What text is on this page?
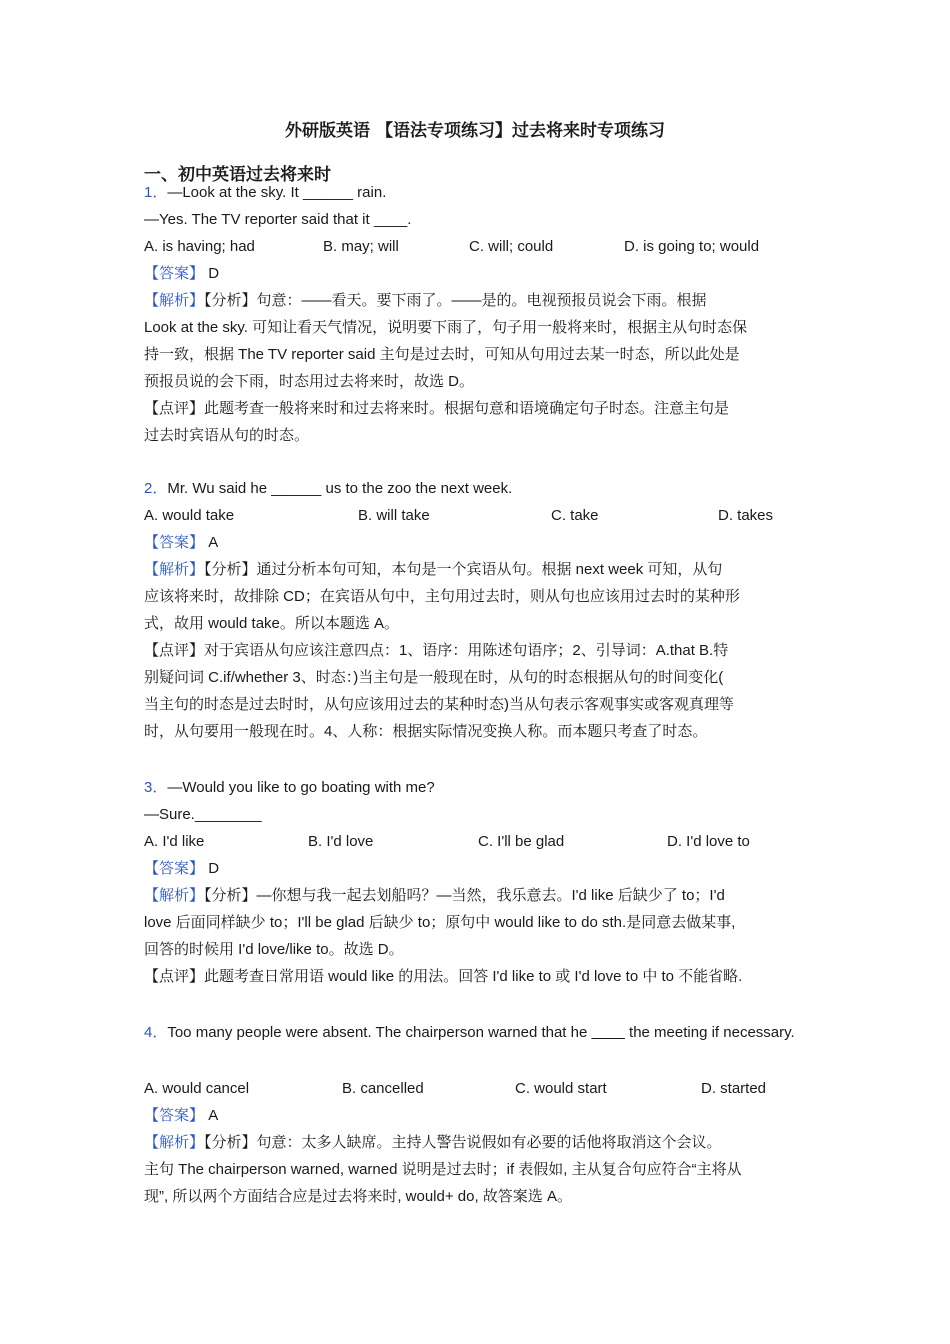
外研版英语 【语法专项练习】过去将来时专项练习
一、初中英语过去将来时
1．—Look at the sky. It ______ rain.
—Yes. The TV reporter said that it ____.
A. is having; had	B. may; will	C. will; could	D. is going to; would
【答案】 D
【解析】【分析】句意：——看天。要下雨了。——是的。电视预报员说会下雨。根据
Look at the sky. 可知让看天气情况，说明要下雨了，句子用一般将来时，根据主从句时态保
持一致，根据 The TV reporter said 主句是过去时，可知从句用过去某一时态，所以此处是
预报员说的会下雨，时态用过去将来时，故选 D。
【点评】此题考查一般将来时和过去将来时。根据句意和语境确定句子时态。注意主句是
过去时宾语从句的时态。
2．Mr. Wu said he ______ us to the zoo the next week.
A. would take	B. will take	C. take	D. takes
【答案】 A
【解析】【分析】通过分析本句可知，本句是一个宾语从句。根据 next week 可知，从句
应该将来时，故排除 CD；在宾语从句中，主句用过去时，则从句也应该用过去时的某种形
式，故用 would take。所以本题选 A。
【点评】对于宾语从句应该注意四点：1、语序：用陈述句语序；2、引导词：A.that B.特
别疑问词 C.if/whether 3、时态：)当主句是一般现在时，从句的时态根据从句的时间变化(
当主句的时态是过去时时，从句应该用过去的某种时态)当从句表示客观事实或客观真理等
时，从句要用一般现在时。4、人称：根据实际情况变换人称。而本题只考查了时态。
3．—Would you like to go boating with me?
—Sure.________
A. I'd like	B. I'd love	C. I'll be glad	D. I'd love to
【答案】 D
【解析】【分析】—你想与我一起去划船吗？—当然，我乐意去。I'd like 后缺少了 to；I'd
love 后面同样缺少 to；I'll be glad 后缺少 to；原句中 would like to do sth.是同意去做某事,
回答的时候用 I'd love/like to。故选 D。
【点评】此题考查日常用语 would like 的用法。回答 I'd like to 或 I'd love to 中 to 不能省略.
4．Too many people were absent. The chairperson warned that he ____ the meeting if necessary.
A. would cancel	B. cancelled	C. would start	D. started
【答案】 A
【解析】【分析】句意：太多人缺席。主持人警告说假如有必要的话他将取消这个会议。
主句 The chairperson warned, warned 说明是过去时；if 表假如, 主从复合句应符合“主将从
现”, 所以两个方面结合应是过去将来时, would+ do, 故答案选 A。
